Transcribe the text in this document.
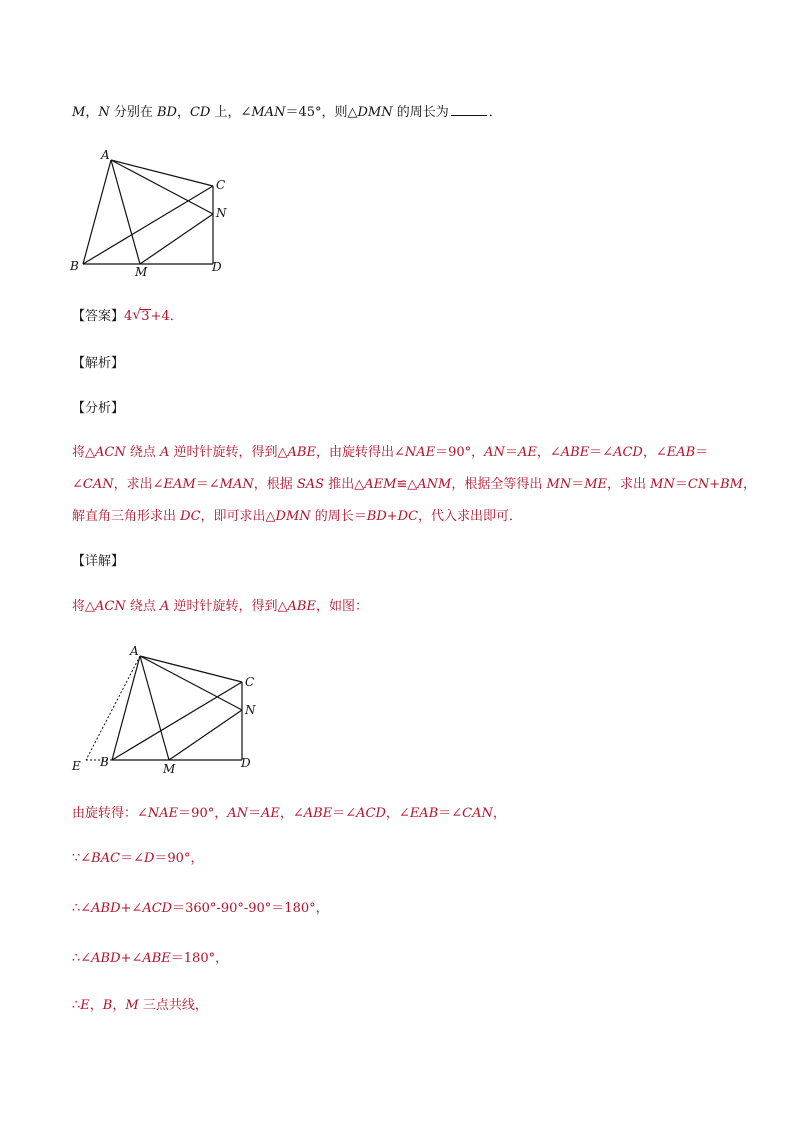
M，N 分别在 BD，CD 上，∠MAN＝45°，则△DMN 的周长为	．
A
B
C
D
M
N
【答案】4 √ 3+4．
【解析】
【分析】
将△ACN 绕点 A 逆时针旋转，得到△ABE，由旋转得出∠NAE＝90°，AN＝AE，∠ABE＝∠ACD，∠EAB＝
∠CAN，求出∠EAM＝∠MAN，根据 SAS 推出△AEM≌△ANM，根据全等得出 MN＝ME，求出 MN＝CN+BM，
解直角三角形求出 DC，即可求出△DMN 的周长＝BD+DC，代入求出即可．
【详解】
将△ACN 绕点 A 逆时针旋转，得到△ABE，如图：
A
B
C
D
E	M
N
由旋转得：∠NAE＝90°，AN＝AE，∠ABE＝∠ACD，∠EAB＝∠CAN，
∵∠BAC＝∠D＝90°，
∴∠ABD+∠ACD＝360°-90°-90°＝180°，
∴∠ABD+∠ABE＝180°，
∴E，B，M 三点共线，
